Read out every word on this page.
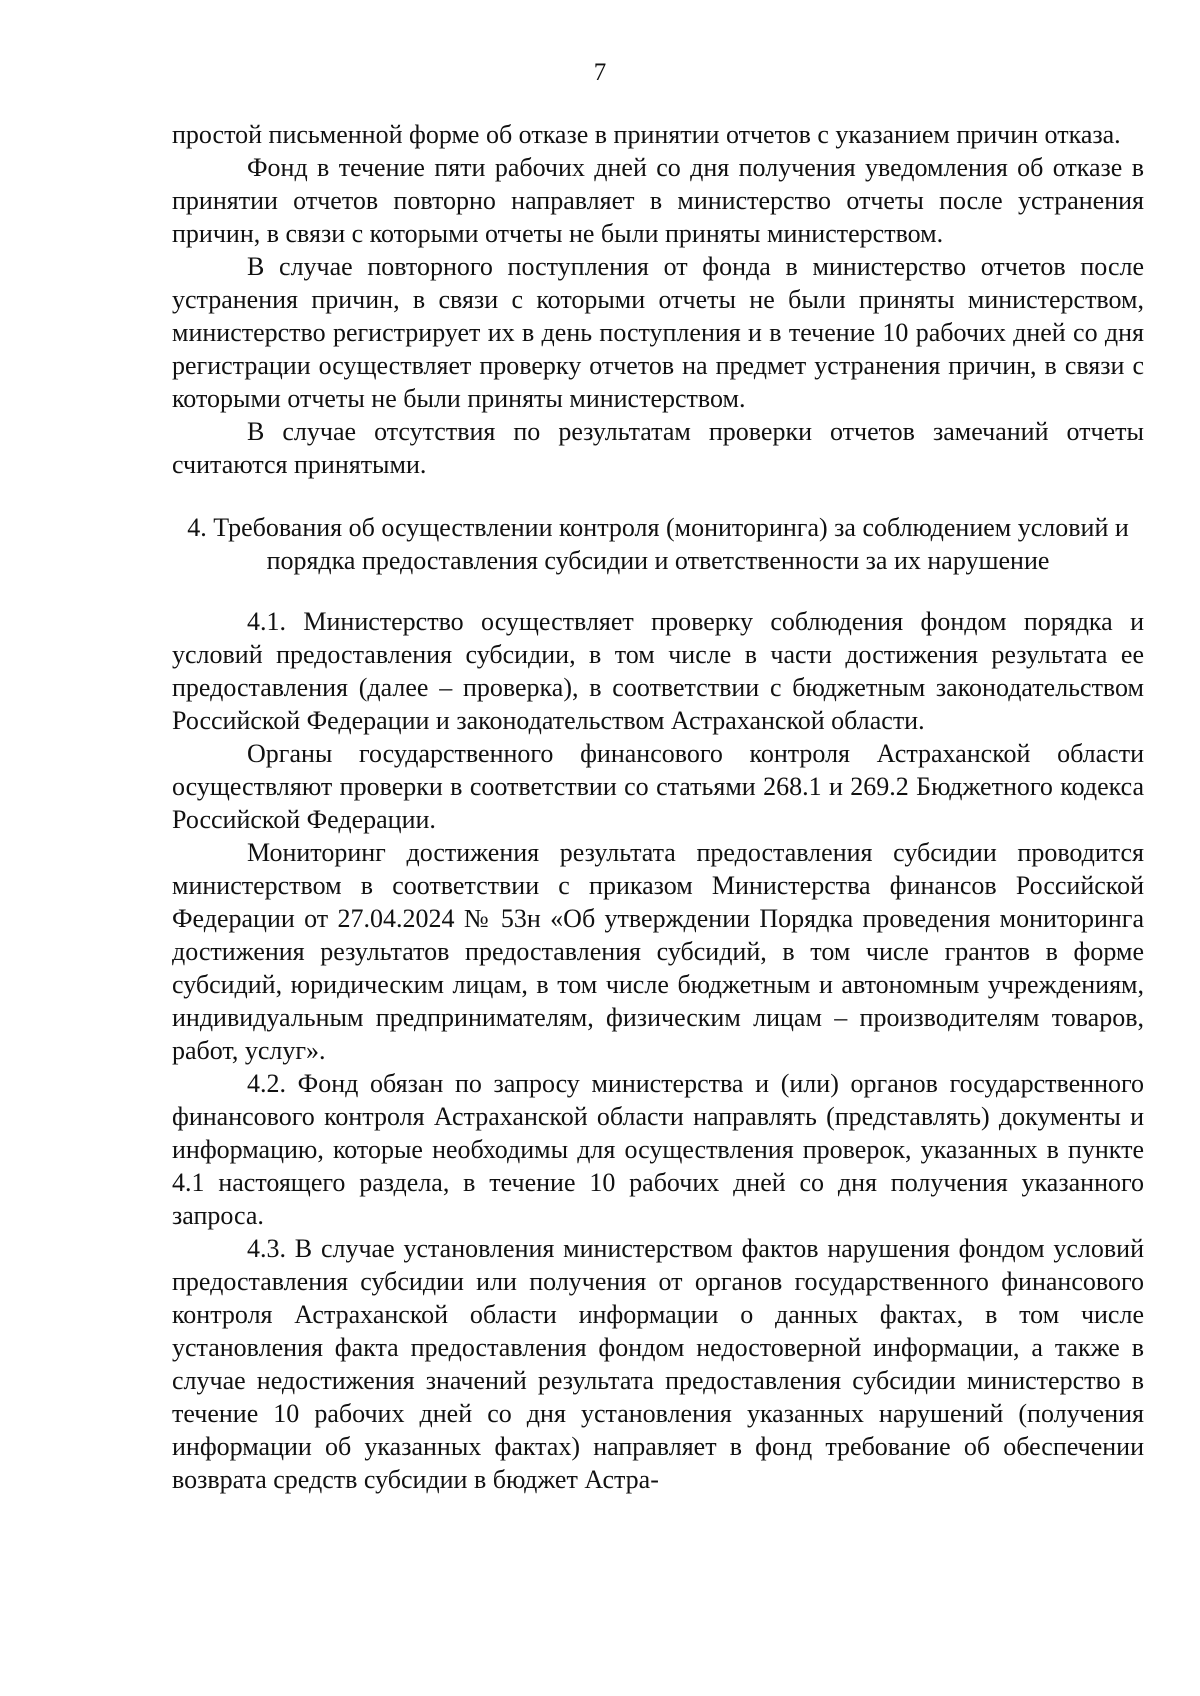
7

простой письменной форме об отказе в принятии отчетов с указанием причин отказа.

Фонд в течение пяти рабочих дней со дня получения уведомления об отказе в принятии отчетов повторно направляет в министерство отчеты после устранения причин, в связи с которыми отчеты не были приняты министерством.

В случае повторного поступления от фонда в министерство отчетов после устранения причин, в связи с которыми отчеты не были приняты министерством, министерство регистрирует их в день поступления и в течение 10 рабочих дней со дня регистрации осуществляет проверку отчетов на предмет устранения причин, в связи с которыми отчеты не были приняты министерством.

В случае отсутствия по результатам проверки отчетов замечаний отчеты считаются принятыми.

4. Требования об осуществлении контроля (мониторинга) за соблюдением условий и порядка предоставления субсидии и ответственности за их нарушение

4.1. Министерство осуществляет проверку соблюдения фондом порядка и условий предоставления субсидии, в том числе в части достижения результата ее предоставления (далее – проверка), в соответствии с бюджетным законодательством Российской Федерации и законодательством Астраханской области.

Органы государственного финансового контроля Астраханской области осуществляют проверки в соответствии со статьями 268.1 и 269.2 Бюджетного кодекса Российской Федерации.

Мониторинг достижения результата предоставления субсидии проводится министерством в соответствии с приказом Министерства финансов Российской Федерации от 27.04.2024 № 53н «Об утверждении Порядка проведения мониторинга достижения результатов предоставления субсидий, в том числе грантов в форме субсидий, юридическим лицам, в том числе бюджетным и автономным учреждениям, индивидуальным предпринимателям, физическим лицам – производителям товаров, работ, услуг».

4.2. Фонд обязан по запросу министерства и (или) органов государственного финансового контроля Астраханской области направлять (представлять) документы и информацию, которые необходимы для осуществления проверок, указанных в пункте 4.1 настоящего раздела, в течение 10 рабочих дней со дня получения указанного запроса.

4.3. В случае установления министерством фактов нарушения фондом условий предоставления субсидии или получения от органов государственного финансового контроля Астраханской области информации о данных фактах, в том числе установления факта предоставления фондом недостоверной информации, а также в случае недостижения значений результата предоставления субсидии министерство в течение 10 рабочих дней со дня установления указанных нарушений (получения информации об указанных фактах) направляет в фонд требование об обеспечении возврата средств субсидии в бюджет Астра-
